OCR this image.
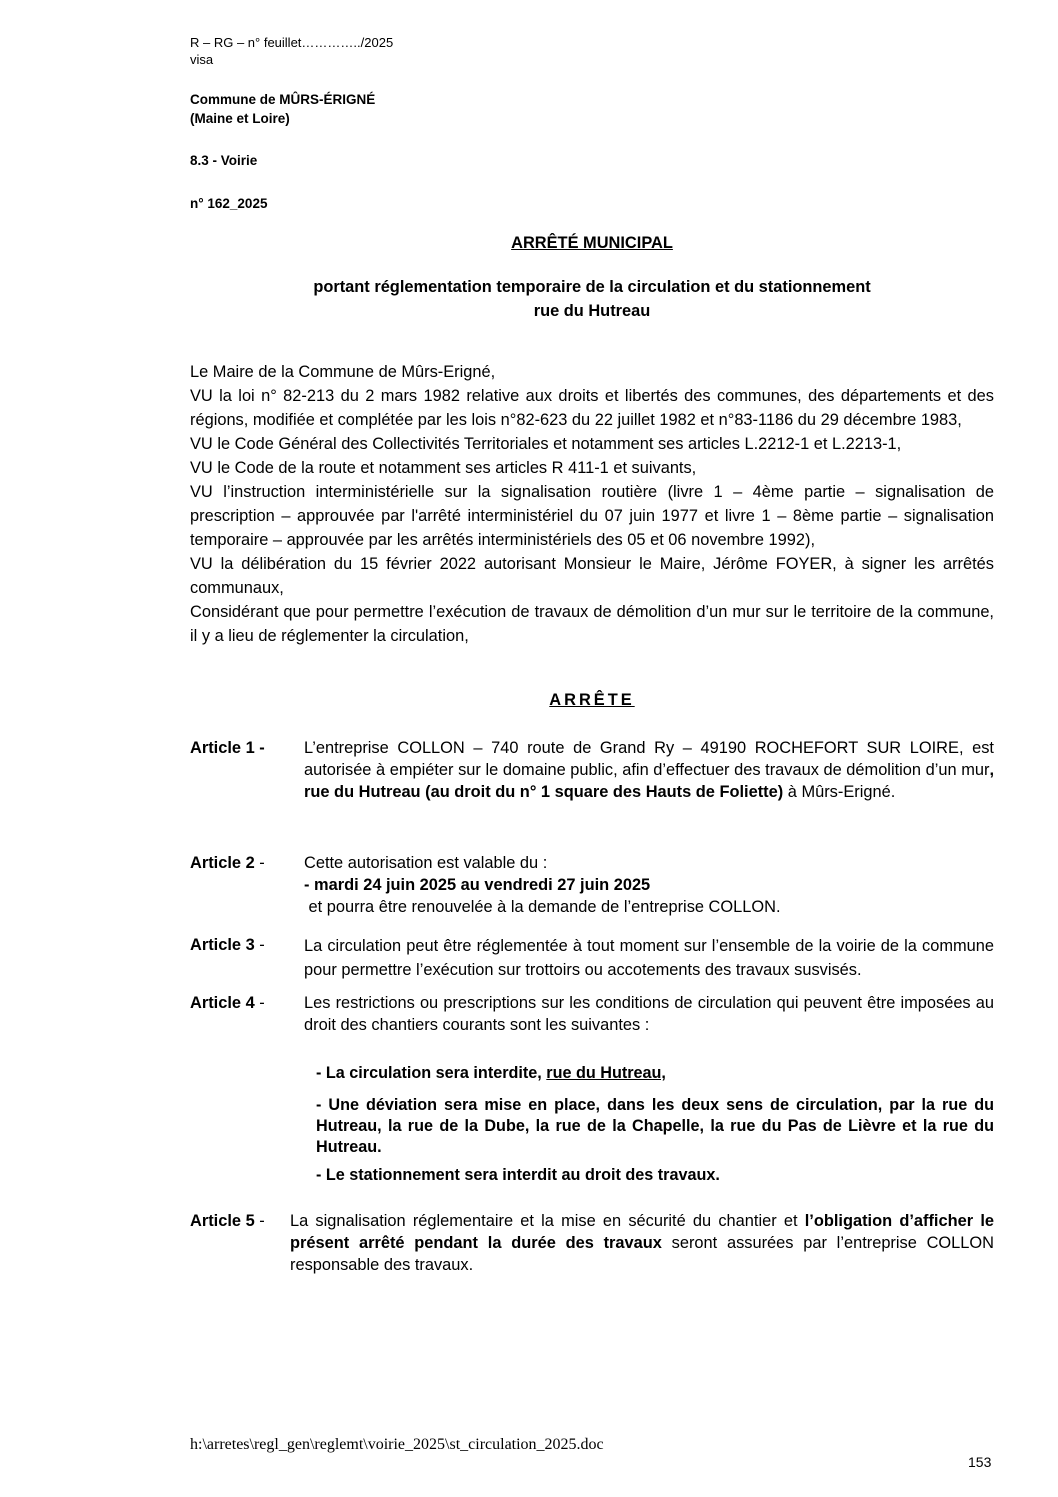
R – RG – n° feuillet…………../2025
visa
Commune de MÛRS-ÉRIGNÉ
(Maine et Loire)
8.3 - Voirie
n° 162_2025
ARRÊTÉ MUNICIPAL
portant réglementation temporaire de la circulation et du stationnement
rue du Hutreau

Le Maire de la Commune de Mûrs-Erigné,

VU la loi n° 82-213 du 2 mars 1982 relative aux droits et libertés des communes, des départements et des régions, modifiée et complétée par les lois n°82-623 du 22 juillet 1982 et n°83-1186 du 29 décembre 1983,

VU le Code Général des Collectivités Territoriales et notamment ses articles L.2212-1 et L.2213-1,

VU le Code de la route et notamment ses articles R 411-1 et suivants,

VU l’instruction interministérielle sur la signalisation routière (livre 1 – 4ème partie – signalisation de prescription – approuvée par l'arrêté interministériel du 07 juin 1977 et livre 1 – 8ème partie – signalisation temporaire – approuvée par les arrêtés interministériels des 05 et 06 novembre 1992),

VU la délibération du 15 février 2022 autorisant Monsieur le Maire, Jérôme FOYER, à signer les arrêtés communaux,

Considérant que pour permettre l’exécution de travaux de démolition d’un mur sur le territoire de la commune, il y a lieu de réglementer la circulation,

ARRÊTE
Article 1 - L’entreprise COLLON – 740 route de Grand Ry – 49190 ROCHEFORT SUR LOIRE, est autorisée à empiéter sur le domaine public, afin d’effectuer des travaux de démolition d’un mur, rue du Hutreau (au droit du n° 1 square des Hauts de Foliette) à Mûrs-Erigné.

Article 2 - Cette autorisation est valable du :

- mardi 24 juin 2025 au vendredi 27 juin 2025

et pourra être renouvelée à la demande de l’entreprise COLLON.

Article 3 - La circulation peut être réglementée à tout moment sur l’ensemble de la voirie de la commune pour permettre l’exécution sur trottoirs ou accotements des travaux susvisés.

Article 4 - Les restrictions ou prescriptions sur les conditions de circulation qui peuvent être imposées au droit des chantiers courants sont les suivantes :

- La circulation sera interdite, rue du Hutreau,
- Une déviation sera mise en place, dans les deux sens de circulation, par la rue du Hutreau, la rue de la Dube, la rue de la Chapelle, la rue du Pas de Lièvre et la rue du Hutreau.
- Le stationnement sera interdit au droit des travaux.
Article 5 - La signalisation réglementaire et la mise en sécurité du chantier et l’obligation d’afficher le présent arrêté pendant la durée des travaux seront assurées par l’entreprise COLLON responsable des travaux.

h:\arretes\regl_gen\reglemt\voirie_2025\st_circulation_2025.doc
153
